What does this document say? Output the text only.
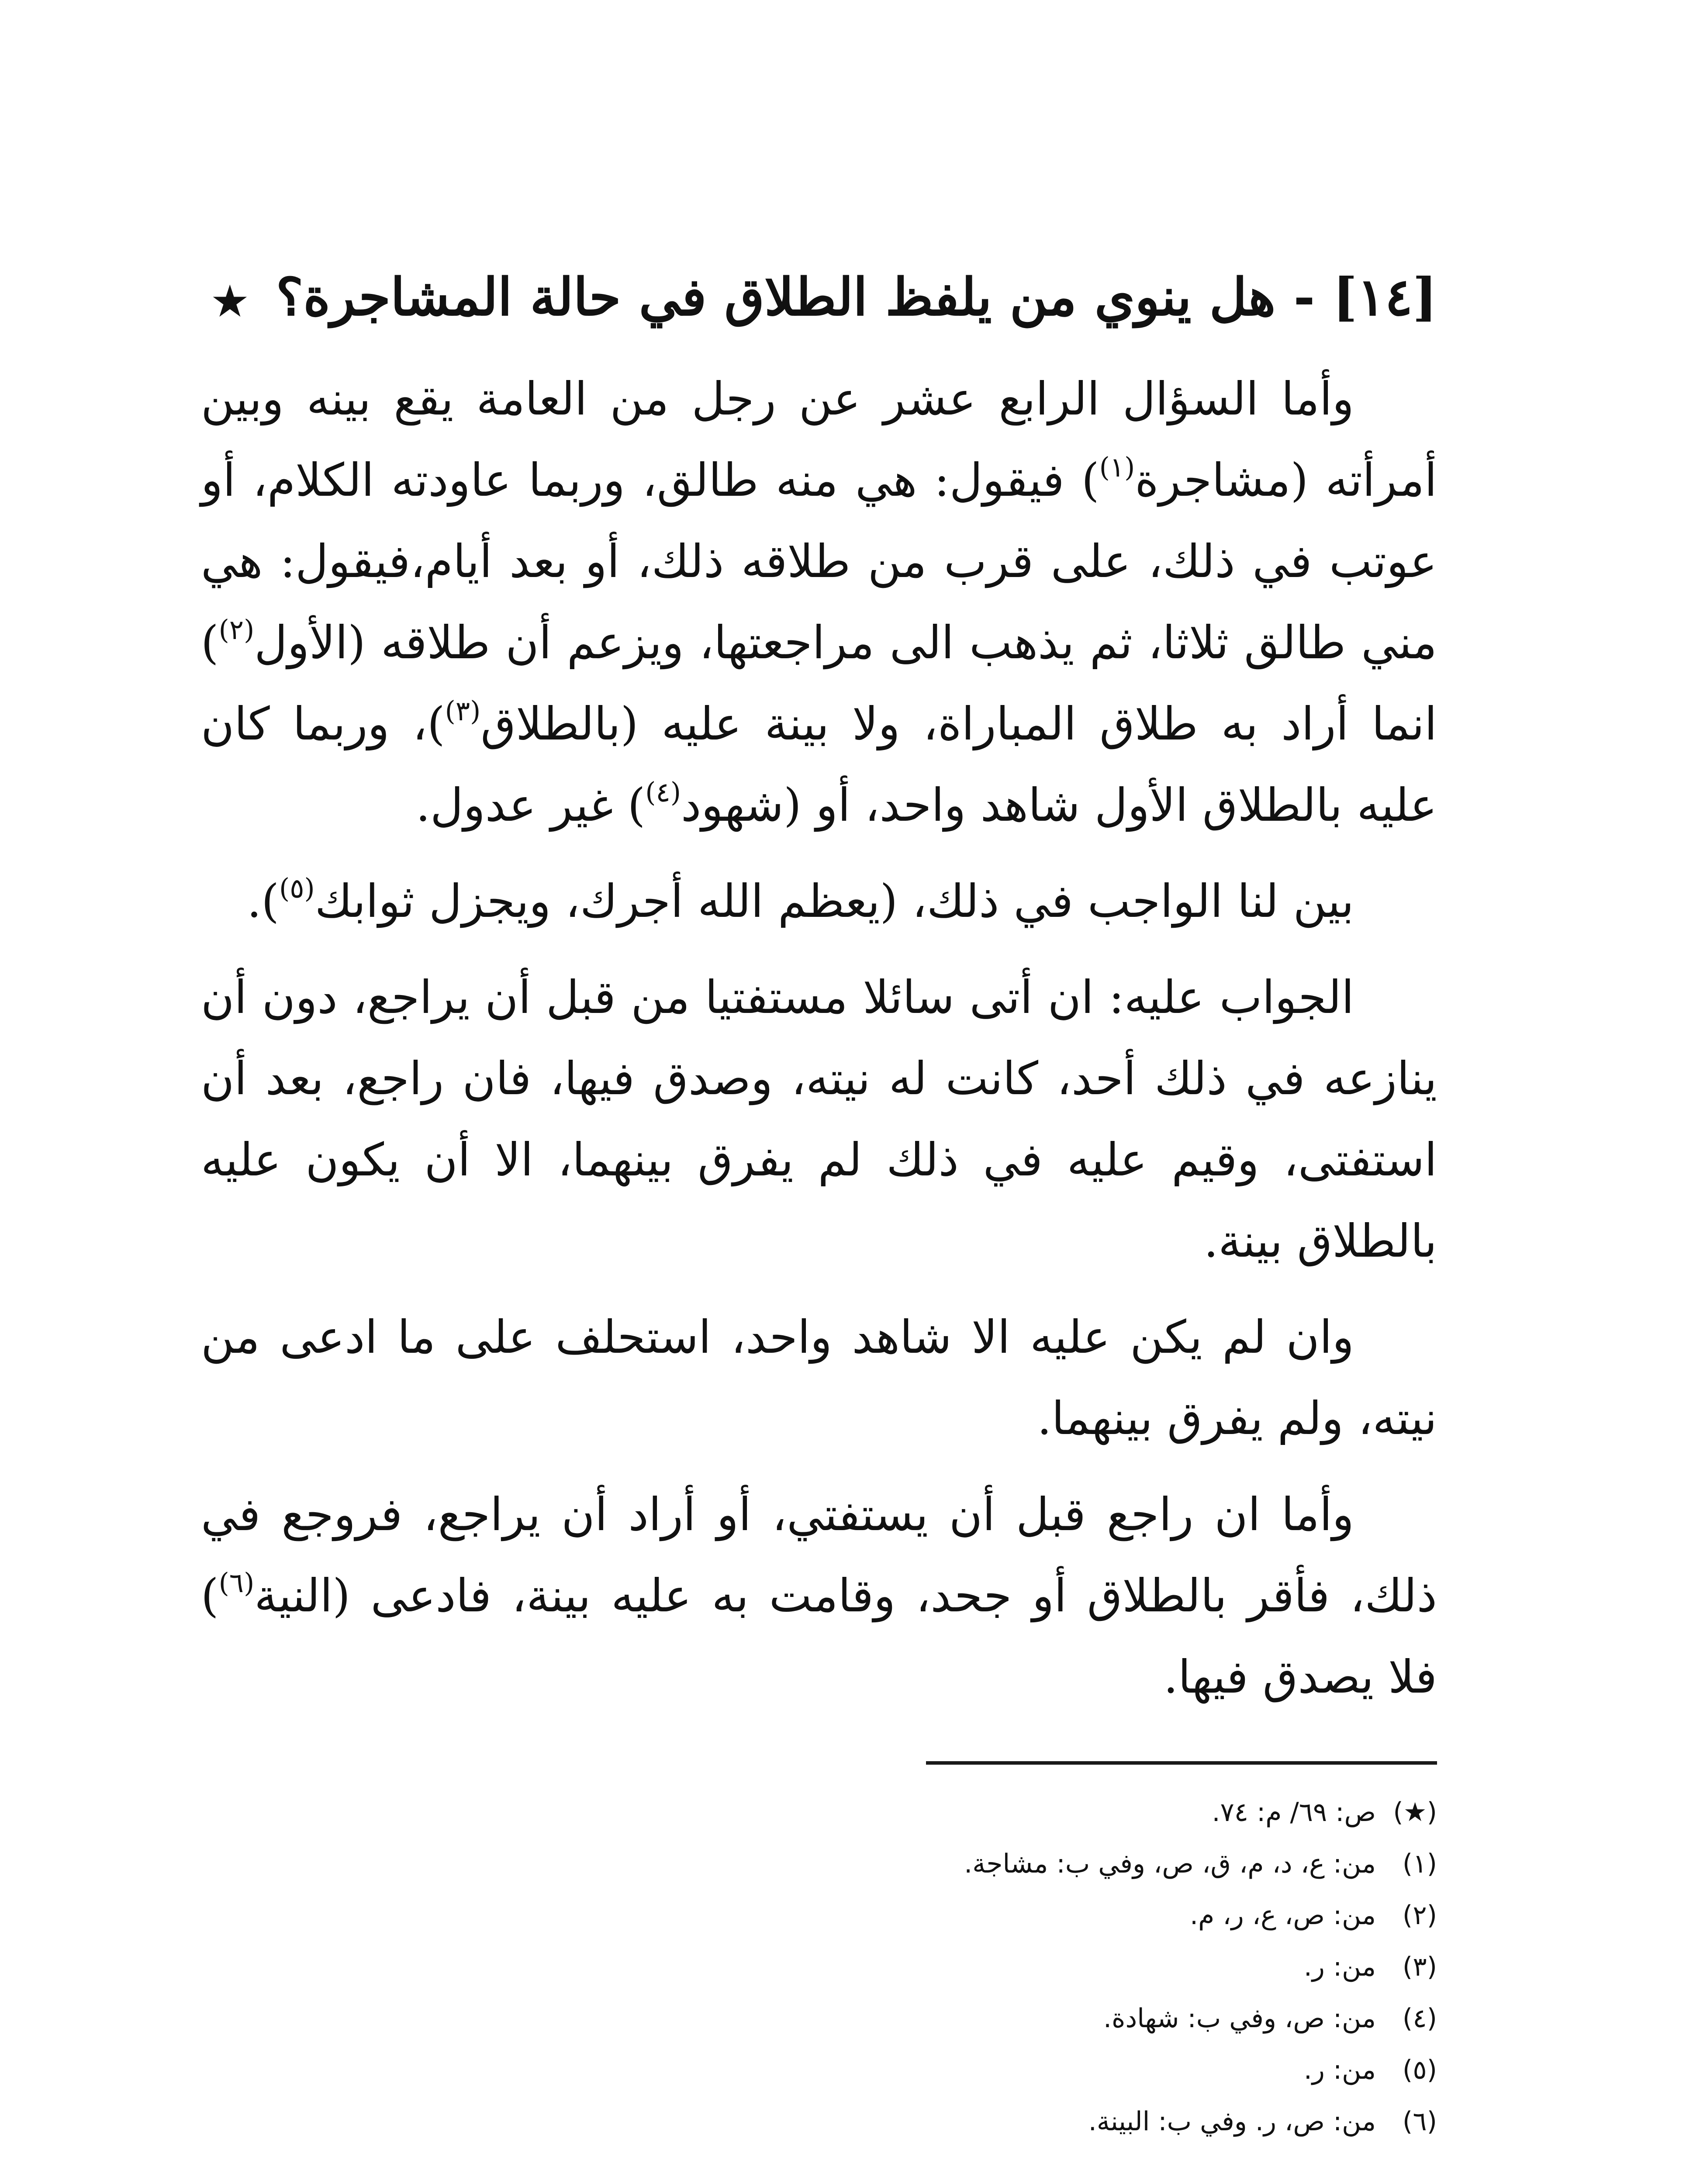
[١٤] - هل ينوي من يلفظ الطلاق في حالة المشاجرة؟ ★

وأما السؤال الرابع عشر عن رجل من العامة يقع بينه وبين أمرأته (مشاجرة$^{(١)}$) فيقول: هي منه طالق، وربما عاودته الكلام، أو عوتب في ذلك، على قرب من طلاقه ذلك، أو بعد أيام،فيقول: هي مني طالق ثلاثا، ثم يذهب الى مراجعتها، ويزعم أن طلاقه (الأول$^{(٢)}$) انما أراد به طلاق المباراة، ولا بينة عليه (بالطلاق$^{(٣)}$)، وربما كان عليه بالطلاق الأول شاهد واحد، أو (شهود$^{(٤)}$) غير عدول.

بين لنا الواجب في ذلك، (يعظم الله أجرك، ويجزل ثوابك$^{(٥)}$).

الجواب عليه: ان أتى سائلا مستفتيا من قبل أن يراجع، دون أن ينازعه في ذلك أحد، كانت له نيته، وصدق فيها، فان راجع، بعد أن استفتى، وقيم عليه في ذلك لم يفرق بينهما، الا أن يكون عليه بالطلاق بينة.

وان لم يكن عليه الا شاهد واحد، استحلف على ما ادعى من نيته، ولم يفرق بينهما.

وأما ان راجع قبل أن يستفتي، أو أراد أن يراجع، فروجع في ذلك، فأقر بالطلاق أو جحد، وقامت به عليه بينة، فادعى (النية$^{(٦)}$) فلا يصدق فيها.

(★)ص: ٦٩/ م: ٧٤.
(١)من: ع، د، م، ق، ص، وفي ب: مشاجة.
(٢)من: ص، ع، ر، م.
(٣)من: ر.
(٤)من: ص، وفي ب: شهادة.
(٥)من: ر.
(٦)من: ص، ر. وفي ب: البينة.
